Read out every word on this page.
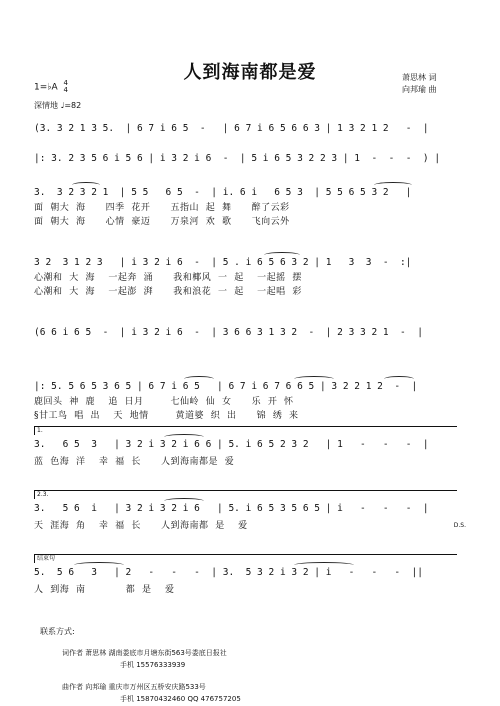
人到海南都是爱	萧思林 词
向邦瑜 曲
1=♭A 4
4
深情地 ♩=82
(3. 3 2 1 3 5.  | 6 7 i 6 5  -   | 6 7 i 6 5 6 6 3 | 1 3 2 1 2   -  |
|: 3. 2 3 5 6 i 5 6 | i 3 2 i 6  -  | 5 i 6 5 3 2 2 3 | 1  -  -  -  ) |
3.  3 2 3 2 1  | 5 5   6 5  -  | i. 6 i   6 5 3  | 5 5 6 5 3 2   |
面  朝大  海      四季  花开      五指山  起  舞      醉了云彩
面  朝大  海      心情  豪迈      万泉河  欢  歌      飞向云外
3 2  3 1 2 3   | i 3 2 i 6  -  | 5 . i 6 5 6 3 2 | 1   3  3  -  :|
心潮和  大  海    一起奔  涌      我和椰风  一  起    一起摇  摆
心潮和  大  海    一起澎  湃      我和浪花  一  起    一起唱  彩
(6 6 i 6 5  -  | i 3 2 i 6  -  | 3 6 6 3 1 3 2  -  | 2 3 3 2 1  -  |
|: 5. 5 6 5 3 6 5 | 6 7 i 6 5   | 6 7 i 6 7 6 6 5 | 3 2 2 1 2  -  |
鹿回头  神  鹿    追  日月        七仙岭  仙  女      乐  开  怀
§甘工鸟  唱  出    天  地情        黄道婆  织  出      锦  绣  来
1.
3.   6 5  3   | 3 2 i 3 2 i 6 6 | 5. i 6 5 2 3 2   | 1   -   -   -  |
蓝  色海  洋    幸  福  长      人到海南都是  爱
2.3.
3.   5 6  i   | 3 2 i 3 2 i 6   | 5. i 6 5 3 5 6 5 | i   -   -   -  |
天  涯海  角    幸  福  长      人到海南都  是    爱	D.S.
结束句
5.  5 6   3   | 2   -   -   -  | 3.  5 3 2 i 3 2 | i   -   -   -  ||
人  到海  南            都  是    爱
联系方式:
词作者 萧思林 湖南娄底市月塘东街563号娄底日报社
手机 15576333939
曲作者 向邦瑜 重庆市万州区五桥安庆路533号
手机 15870432460 QQ 476757205
